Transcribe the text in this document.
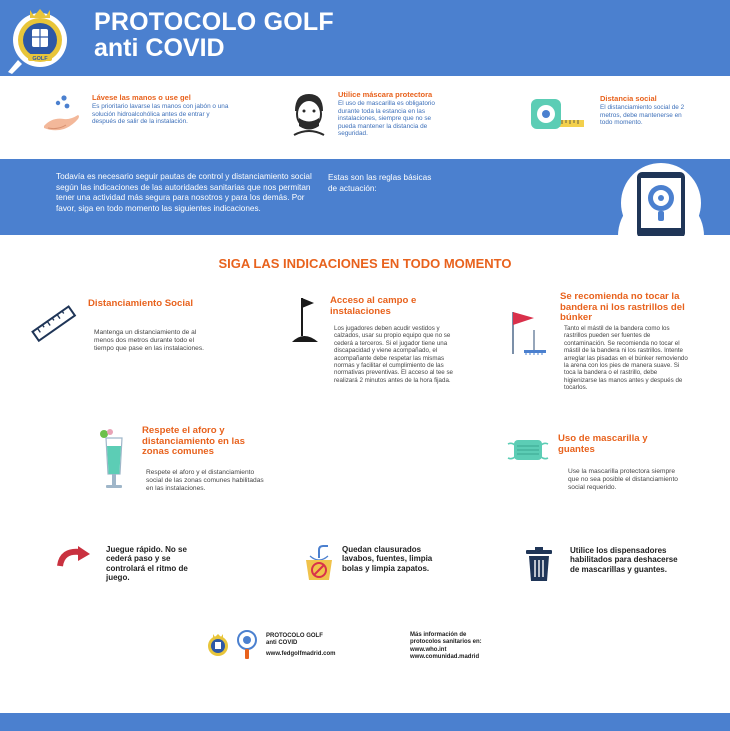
GOLF
PROTOCOLO GOLF
anti COVID
Lávese las manos o use gel
Es prioritario lavarse las manos con jabón o una solución hidroalcohólica antes de entrar y después de salir de la instalación.
Utilice máscara protectora
El uso de mascarilla es obligatorio durante toda la estancia en las instalaciones, siempre que no se pueda mantener la distancia de seguridad.
Distancia social
El distanciamiento social de 2 metros, debe mantenerse en todo momento.
Todavía es necesario seguir pautas de control y distanciamiento social según las indicaciones de las autoridades sanitarias que nos permitan tener una actividad más segura para nosotros y para los demás. Por favor, siga en todo momento las siguientes indicaciones.
Estas son las reglas básicas de actuación:
SIGA LAS INDICACIONES EN TODO MOMENTO
Distanciamiento Social
Mantenga un distanciamiento de al menos dos metros durante todo el tiempo que pase en las instalaciones.
Acceso al campo e instalaciones
Los jugadores deben acudir vestidos y calzados, usar su propio equipo que no se cederá a terceros. Si el jugador tiene una discapacidad y viene acompañado, el acompañante debe respetar las mismas normas y facilitar el cumplimiento de las normativas preventivas. El acceso al tee se realizará 2 minutos antes de la hora fijada.
Se recomienda no tocar la bandera ni los rastrillos del búnker
Tanto el mástil de la bandera como los rastrillos pueden ser fuentes de contaminación. Se recomienda no tocar el mástil de la bandera ni los rastrillos. Intente arreglar las pisadas en el búnker removiendo la arena con los pies de manera suave. Si toca la bandera o el rastrillo, debe higienizarse las manos antes y después de tocarlos.
Respete el aforo y distanciamiento en las zonas comunes
Respete el aforo y el distanciamiento social de las zonas comunes habilitadas en las instalaciones.
Uso de mascarilla y guantes
Use la mascarilla protectora siempre que no sea posible el distanciamiento social requerido.
Juegue rápido. No se cederá paso y se controlará el ritmo de juego.
Quedan clausurados lavabos, fuentes, limpia bolas y limpia zapatos.
Utilice los dispensadores habilitados para deshacerse de mascarillas y guantes.
PROTOCOLO GOLF
anti COVID
www.fedgolfmadrid.com
Más información de
protocolos sanitarios en:
www.who.int
www.comunidad.madrid
